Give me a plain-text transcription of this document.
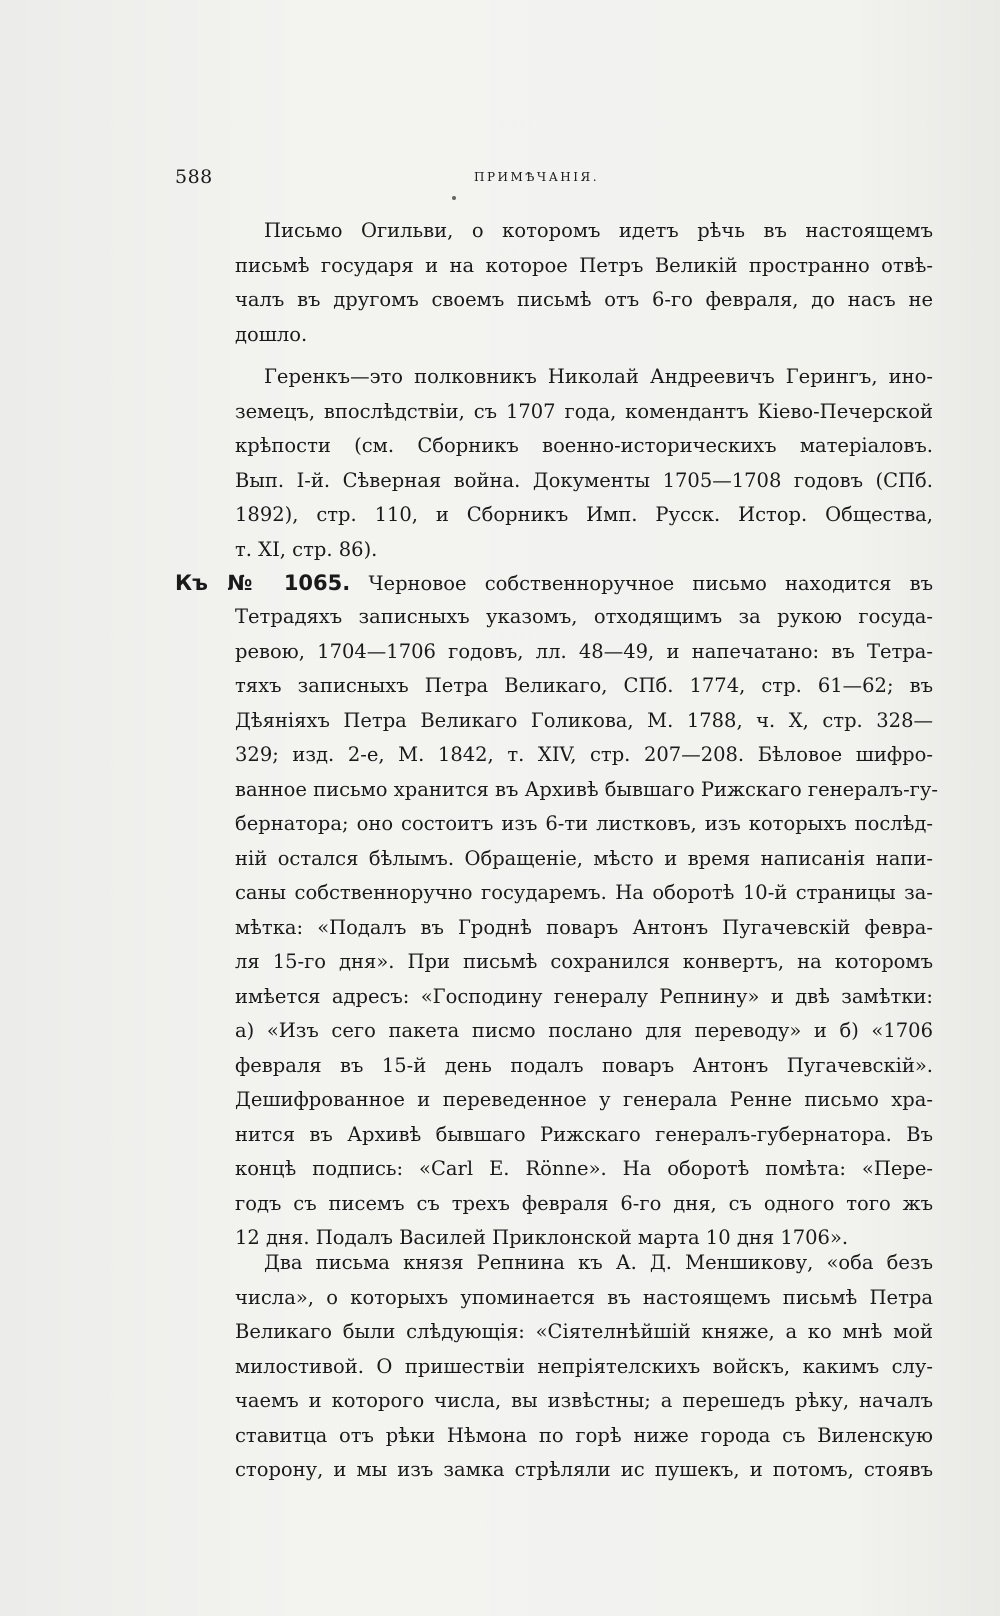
588	ПРИМѢЧАНІЯ.
Письмо Огильви, о которомъ идетъ рѣчь въ настоящемъ
письмѣ государя и на которое Петръ Великій пространно отвѣ-
чалъ въ другомъ своемъ письмѣ отъ 6-го февраля, до насъ не
дошло.
Геренкъ—это полковникъ Николай Андреевичъ Герингъ, ино-
земецъ, впослѣдствіи, съ 1707 года, комендантъ Кіево-Печерской
крѣпости (см. Сборникъ военно-историческихъ матеріаловъ.
Вып. I-й. Сѣверная война. Документы 1705—1708 годовъ (СПб.
1892), стр. 110, и Сборникъ Имп. Русск. Истор. Общества,
т. XI, стр. 86).
Къ № 1065. Черновое собственноручное письмо находится въ
Тетрадяхъ записныхъ указомъ, отходящимъ за рукою госуда-
ревою, 1704—1706 годовъ, лл. 48—49, и напечатано: въ Тетра-
тяхъ записныхъ Петра Великаго, СПб. 1774, стр. 61—62; въ
Дѣяніяхъ Петра Великаго Голикова, М. 1788, ч. X, стр. 328—
329; изд. 2-е, М. 1842, т. XIV, стр. 207—208. Бѣловое шифро-
ванное письмо хранится въ Архивѣ бывшаго Рижскаго генералъ-гу-
бернатора; оно состоитъ изъ 6-ти листковъ, изъ которыхъ послѣд-
ній остался бѣлымъ. Обращеніе, мѣсто и время написанія напи-
саны собственноручно государемъ. На оборотѣ 10-й страницы за-
мѣтка: «Подалъ въ Гроднѣ поваръ Антонъ Пугачевскій февра-
ля 15-го дня». При письмѣ сохранился конвертъ, на которомъ
имѣется адресъ: «Господину генералу Репнину» и двѣ замѣтки:
а) «Изъ сего пакета писмо послано для переводу» и б) «1706
февраля въ 15-й день подалъ поваръ Антонъ Пугачевскій».
Дешифрованное и переведенное у генерала Ренне письмо хра-
нится въ Архивѣ бывшаго Рижскаго генералъ-губернатора. Въ
концѣ подпись: «Carl E. Rönne». На оборотѣ помѣта: «Пере-
годъ съ писемъ съ трехъ февраля 6-го дня, съ одного того жъ
12 дня. Подалъ Василей Приклонской марта 10 дня 1706».
Два письма князя Репнина къ А. Д. Меншикову, «оба безъ
числа», о которыхъ упоминается въ настоящемъ письмѣ Петра
Великаго были слѣдующія: «Сіятелнѣйшій княже, а ко мнѣ мой
милостивой. О пришествіи непріятелскихъ войскъ, какимъ слу-
чаемъ и которого числа, вы извѣстны; а перешедъ рѣку, началъ
ставитца отъ рѣки Нѣмона по горѣ ниже города съ Виленскую
сторону, и мы изъ замка стрѣляли ис пушекъ, и потомъ, стоявъ
